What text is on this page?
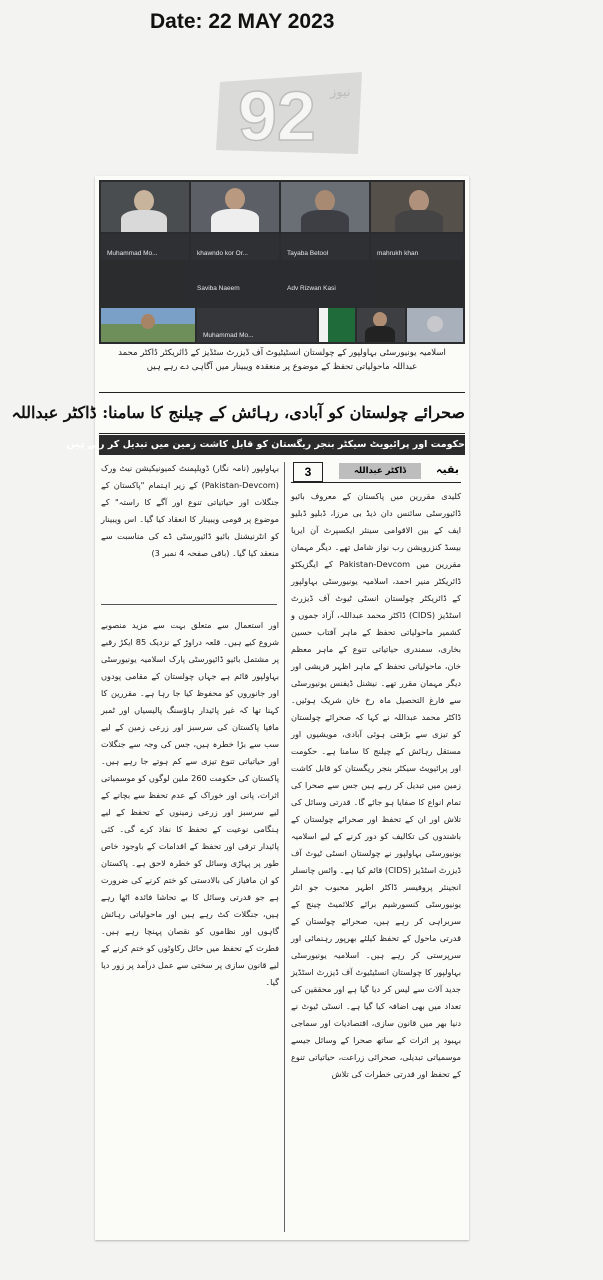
Date: 22 MAY 2023
92 نیوز
Muhammad Mo...	khawndo kor Or...	Tayaba Betool	mahrukh khan
Saviba Naeem	Adv Rizwan Kasi
Muhammad Mo...
اسلامیہ یونیورسٹی بہاولپور کے چولستان انسٹیٹیوٹ آف ڈیزرٹ سٹڈیز کے ڈائریکٹر ڈاکٹر محمد عبداللہ ماحولیاتی تحفظ کے موضوع پر منعقدہ ویبینار میں آگاہی دے رہے ہیں
صحرائے چولستان کو آبادی، رہائش کے چیلنج کا سامنا: ڈاکٹر عبداللہ
حکومت اور پرائیویٹ سیکٹر بنجر ریگستان کو قابل کاشت زمین میں تبدیل کر رہے ہیں
بہاولپور (نامہ نگار) ڈویلپمنٹ کمیونیکیشن نیٹ ورک (Pakistan-Devcom) کے زیر اہتمام "پاکستان کے جنگلات اور حیاتیاتی تنوع اور آگے کا راستہ" کے موضوع پر قومی ویبینار کا انعقاد کیا گیا۔ اس ویبینار کو انٹرنیشنل بائیو ڈائیورسٹی ڈے کی مناسبت سے منعقد کیا گیا۔ (باقی صفحہ 4 نمبر 3)
اور استعمال سے متعلق بہت سے مزید منصوبے شروع کیے ہیں۔ قلعہ دراوڑ کے نزدیک 85 ایکڑ رقبے پر مشتمل بائیو ڈائیورسٹی پارک اسلامیہ یونیورسٹی بہاولپور قائم ہے جہاں چولستان کے مقامی پودوں اور جانوروں کو محفوظ کیا جا رہا ہے۔ مقررین کا کہنا تھا کہ غیر پائیدار ہاؤسنگ پالیسیاں اور ٹمبر مافیا پاکستان کی سرسبز اور زرعی زمین کے لیے سب سے بڑا خطرہ ہیں، جس کی وجہ سے جنگلات اور حیاتیاتی تنوع تیزی سے کم ہوتے جا رہے ہیں۔ پاکستان کی حکومت 260 ملین لوگوں کو موسمیاتی اثرات، پانی اور خوراک کے عدم تحفظ سے بچانے کے لیے سرسبز اور زرعی زمینوں کے تحفظ کے لیے ہنگامی نوعیت کے تحفظ کا نفاذ کرے گی۔ کئی پائیدار ترقی اور تحفظ کے اقدامات کے باوجود خاص طور پر پہاڑی وسائل کو خطرہ لاحق ہے۔ پاکستان کو ان مافیاز کی بالادستی کو ختم کرنے کی ضرورت ہے جو قدرتی وسائل کا بے تحاشا فائدہ اٹھا رہے ہیں، جنگلات کٹ رہے ہیں اور ماحولیاتی رہائش گاہوں اور نظاموں کو نقصان پہنچا رہے ہیں۔ فطرت کے تحفظ میں حائل رکاوٹوں کو ختم کرنے کے لیے قانون سازی پر سختی سے عمل درآمد پر زور دیا گیا۔
بقیہ
ڈاکٹر عبداللہ
3
کلیدی مقررین میں پاکستان کے معروف بائیو ڈائیورسٹی سائنس دان ذیڈ بی مرزا، ڈبلیو ڈبلیو ایف کے بین الاقوامی سینئر ایکسپرٹ آن ایریا بیسڈ کنزرویشن رب نواز شامل تھے۔ دیگر مہمان مقررین میں Pakistan-Devcom کے ایگزیکٹو ڈائریکٹر منیر احمد، اسلامیہ یونیورسٹی بہاولپور کے ڈائریکٹر چولستان انسٹی ٹیوٹ آف ڈیزرٹ اسٹڈیز (CIDS) ڈاکٹر محمد عبداللہ، آزاد جموں و کشمیر ماحولیاتی تحفظ کے ماہر آفتاب حسین بخاری، سمندری حیاتیاتی تنوع کے ماہر معظم خان، ماحولیاتی تحفظ کے ماہر اظہر قریشی اور دیگر مہمان مقرر تھے۔ نیشنل ڈیفنس یونیورسٹی سے فارغ التحصیل ماہ رخ خان شریک ہوئیں۔ ڈاکٹر محمد عبداللہ نے کہا کہ صحرائے چولستان کو تیزی سے بڑھتی ہوئی آبادی، مویشیوں اور مستقل رہائش کے چیلنج کا سامنا ہے۔ حکومت اور پرائیویٹ سیکٹر بنجر ریگستان کو قابل کاشت زمین میں تبدیل کر رہے ہیں جس سے صحرا کی تمام انواع کا صفایا ہو جائے گا۔ قدرتی وسائل کی تلاش اور ان کے تحفظ اور صحرائے چولستان کے باشندوں کی تکالیف کو دور کرنے کے لیے اسلامیہ یونیورسٹی بہاولپور نے چولستان انسٹی ٹیوٹ آف ڈیزرٹ اسٹڈیز (CIDS) قائم کیا ہے۔ وائس چانسلر انجینئر پروفیسر ڈاکٹر اطہر محبوب جو انٹر یونیورسٹی کنسورشیم برائے کلائمیٹ چینج کے سربراہی کر رہے ہیں، صحرائے چولستان کے قدرتی ماحول کے تحفظ کیلئے بھرپور رہنمائی اور سرپرستی کر رہے ہیں۔ اسلامیہ یونیورسٹی بہاولپور کا چولستان انسٹیٹیوٹ آف ڈیزرٹ اسٹڈیز جدید آلات سے لیس کر دیا گیا ہے اور محققین کی تعداد میں بھی اضافہ کیا گیا ہے۔ انسٹی ٹیوٹ نے دنیا بھر میں قانون سازی، اقتصادیات اور سماجی بہبود پر اثرات کے ساتھ صحرا کے وسائل جیسے موسمیاتی تبدیلی، صحرائی زراعت، حیاتیاتی تنوع کے تحفظ اور قدرتی خطرات کی تلاش
